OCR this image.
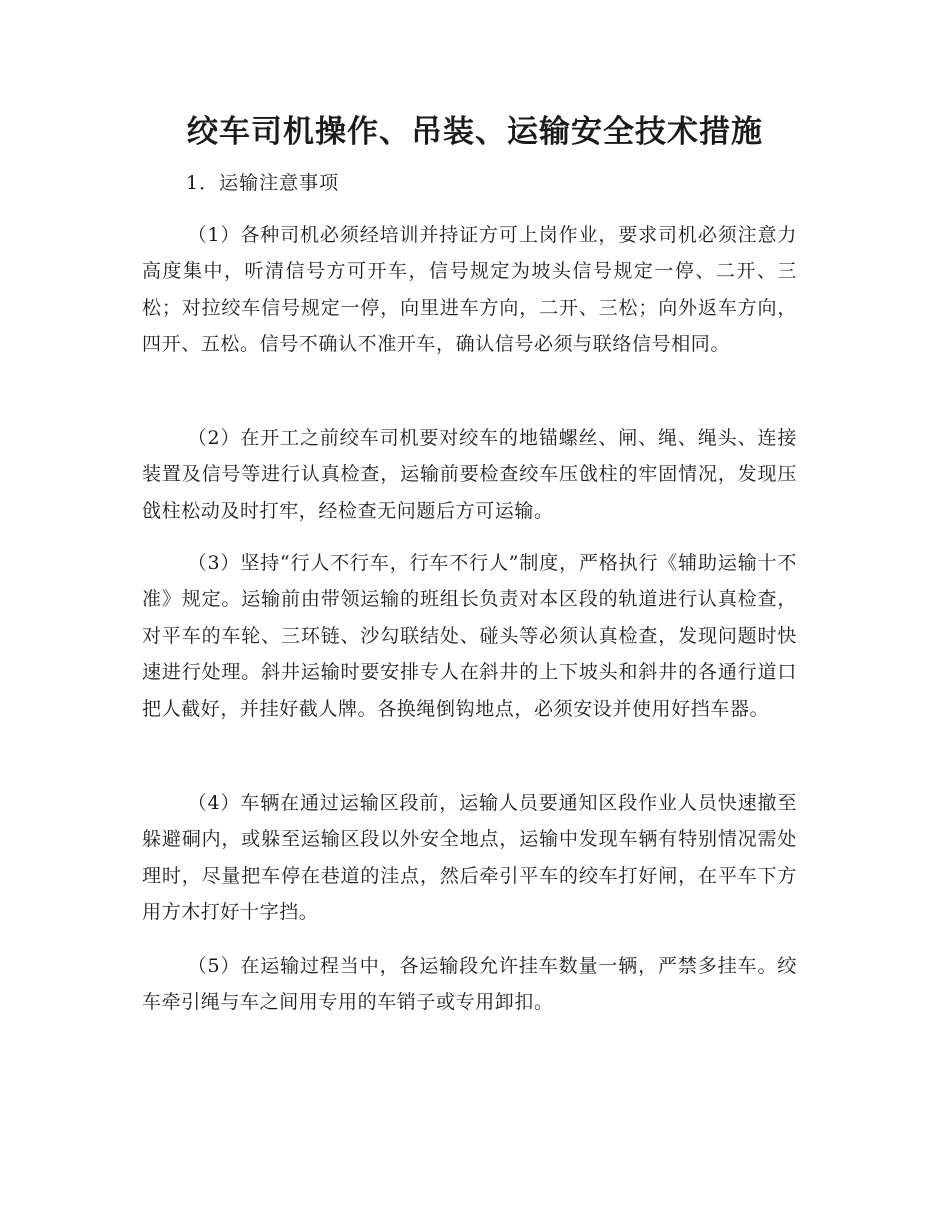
绞车司机操作、吊装、运输安全技术措施

1．运输注意事项

（1）各种司机必须经培训并持证方可上岗作业，要求司机必须注意力高度集中，听清信号方可开车，信号规定为坡头信号规定一停、二开、三松；对拉绞车信号规定一停，向里进车方向，二开、三松；向外返车方向，四开、五松。信号不确认不准开车，确认信号必须与联络信号相同。

（2）在开工之前绞车司机要对绞车的地锚螺丝、闸、绳、绳头、连接装置及信号等进行认真检查，运输前要检查绞车压戗柱的牢固情况，发现压戗柱松动及时打牢，经检查无问题后方可运输。

（3）坚持“行人不行车，行车不行人”制度，严格执行《辅助运输十不准》规定。运输前由带领运输的班组长负责对本区段的轨道进行认真检查，对平车的车轮、三环链、沙勾联结处、碰头等必须认真检查，发现问题时快速进行处理。斜井运输时要安排专人在斜井的上下坡头和斜井的各通行道口把人截好，并挂好截人牌。各换绳倒钩地点，必须安设并使用好挡车器。

（4）车辆在通过运输区段前，运输人员要通知区段作业人员快速撤至躲避硐内，或躲至运输区段以外安全地点，运输中发现车辆有特别情况需处理时，尽量把车停在巷道的洼点，然后牵引平车的绞车打好闸，在平车下方用方木打好十字挡。

（5）在运输过程当中，各运输段允许挂车数量一辆，严禁多挂车。绞车牵引绳与车之间用专用的车销子或专用卸扣。
